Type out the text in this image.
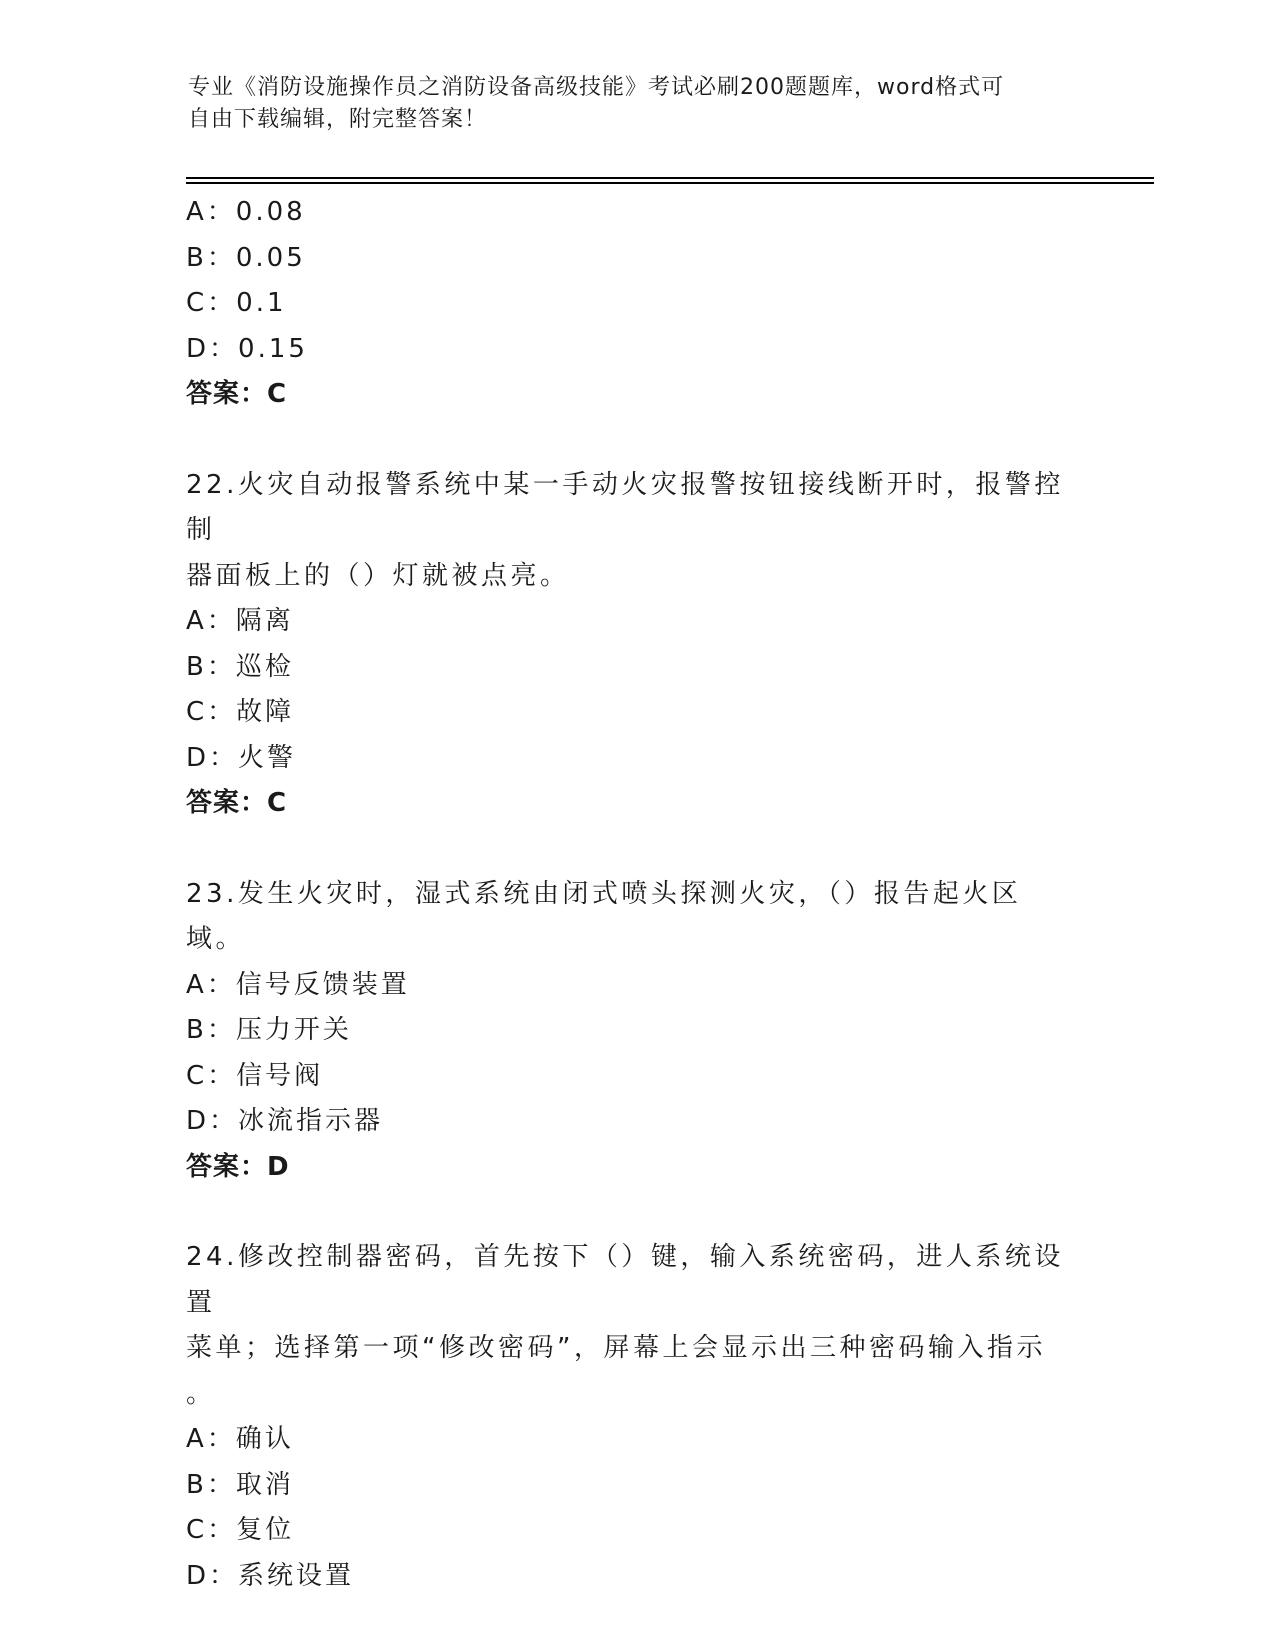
专业《消防设施操作员之消防设备高级技能》考试必刷200题题库，word格式可
自由下载编辑，附完整答案！
A：0.08
B：0.05
C：0.1
D：0.15
答案：C
22.火灾自动报警系统中某一手动火灾报警按钮接线断开时，报警控制
器面板上的（）灯就被点亮。
A：隔离
B：巡检
C：故障
D：火警
答案：C
23.发生火灾时，湿式系统由闭式喷头探测火灾，（）报告起火区域。
A：信号反馈装置
B：压力开关
C：信号阀
D：冰流指示器
答案：D
24.修改控制器密码，首先按下（）键，输入系统密码，进人系统设置
菜单；选择第一项“修改密码”，屏幕上会显示出三种密码输入指示
。
A：确认
B：取消
C：复位
D：系统设置
